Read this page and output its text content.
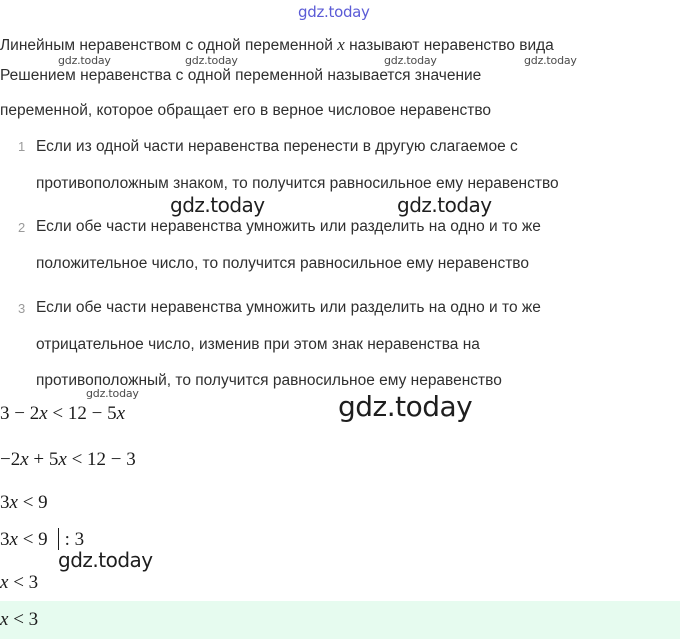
gdz.today
Линейным неравенством с одной переменной x называют неравенство вида
gdz.today	gdz.today	gdz.today	gdz.today
Решением неравенства с одной переменной называется значение
переменной, которое обращает его в верное числовое неравенство
1 Если из одной части неравенства перенести в другую слагаемое с
противоположным знаком, то получится равносильное ему неравенство
gdz.today	gdz.today
2 Если обе части неравенства умножить или разделить на одно и то же
положительное число, то получится равносильное ему неравенство
3 Если обе части неравенства умножить или разделить на одно и то же
отрицательное число, изменив при этом знак неравенства на
противоположный, то получится равносильное ему неравенство
gdz.today	gdz.today
3 − 2x < 12 − 5x
−2x + 5x < 12 − 3
3x < 9
3x < 9 : 3
gdz.today
x < 3
x < 3
